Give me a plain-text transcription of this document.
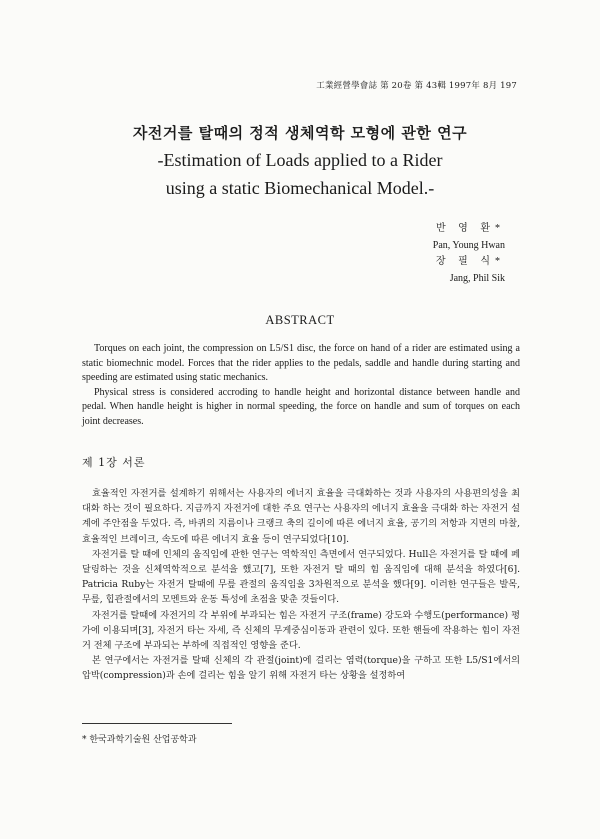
工業經營學會誌 第 20卷 第 43輯 1997年 8月 197
자전거를 탈때의 정적 생체역학 모형에 관한 연구
-Estimation of Loads applied to a Rider
using a static Biomechanical Model.-
반 영 환*
Pan, Young Hwan
장 필 식*
Jang, Phil Sik
ABSTRACT

Torques on each joint, the compression on L5/S1 disc, the force on hand of a rider are estimated using a static biomechnic model. Forces that the rider applies to the pedals, saddle and handle during starting and speeding are estimated using static mechanics.

Physical stress is considered accroding to handle height and horizontal distance between handle and pedal. When handle height is higher in normal speeding, the force on handle and sum of torques on each joint decreases.

제 1장 서론

효율적인 자전거를 설계하기 위해서는 사용자의 에너지 효율을 극대화하는 것과 사용자의 사용편의성을 최대화 하는 것이 필요하다. 지금까지 자전거에 대한 주요 연구는 사용자의 에너지 효율을 극대화 하는 자전거 설계에 주안점을 두었다. 즉, 바퀴의 지름이나 크랭크 축의 길이에 따른 에너지 효율, 공기의 저항과 지면의 마찰, 효율적인 브레이크, 속도에 따른 에너지 효율 등이 연구되었다[10].

자전거를 탈 때에 인체의 움직임에 관한 연구는 역학적인 측면에서 연구되었다. Hull은 자전거를 탈 때에 페달링하는 것을 신체역학적으로 분석을 했고[7], 또한 자전거 탈 때의 힘 움직임에 대해 분석을 하였다[6]. Patricia Ruby는 자전거 탈때에 무릎 관절의 움직임을 3차원적으로 분석을 했다[9]. 이러한 연구들은 발목, 무릎, 힙관절에서의 모멘트와 운동 특성에 초점을 맞춘 것들이다.

자전거를 탈때에 자전거의 각 부위에 부과되는 힘은 자전거 구조(frame) 강도와 수행도(performance) 평가에 이용되며[3], 자전거 타는 자세, 즉 신체의 무게중심이동과 관련이 있다. 또한 핸들에 작용하는 힘이 자전거 전체 구조에 부과되는 부하에 직접적인 영향을 준다.

본 연구에서는 자전거를 탈때 신체의 각 관절(joint)에 걸리는 염력(torque)을 구하고 또한 L5/S1에서의 압박(compression)과 손에 걸리는 힘을 알기 위해 자전거 타는 상황을 설정하여

* 한국과학기술원 산업공학과
